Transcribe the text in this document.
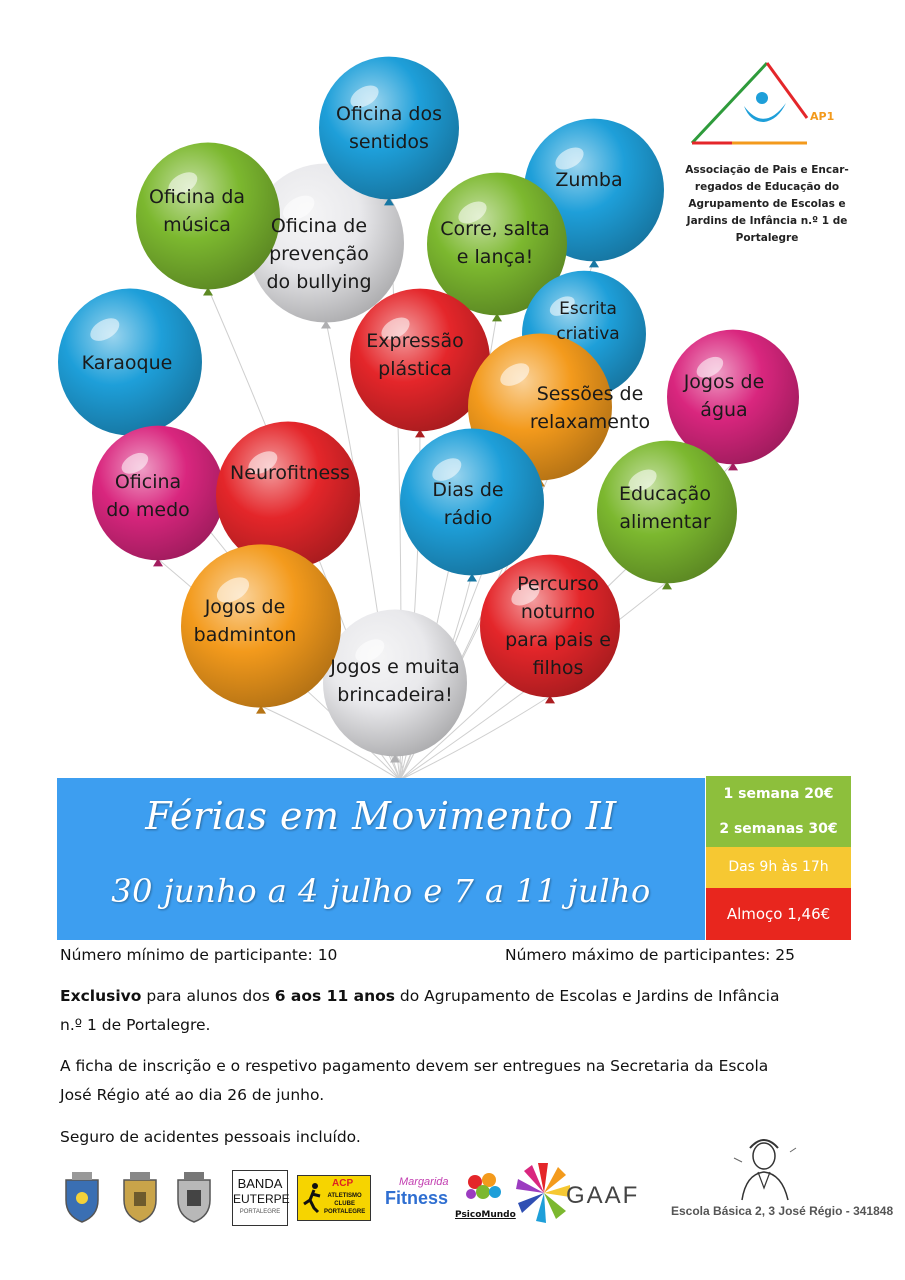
Oficina dos
sentidos
Zumba
Oficina da
música	Oficina de
prevenção
do bullying
Corre, salta
e lança!
Escrita
criativa
Karaoque
Expressão
plástica
Sessões de
relaxamento
Jogos de
água
Oficina
do medo
Neurofitness
Dias de
rádio
Educação
alimentar
Jogos de
badminton
Percurso
noturno
para pais e
filhos
Jogos e muita
brincadeira!
AP1
Associação de Pais e Encar-
regados de Educação do
Agrupamento de Escolas e
Jardins de Infância n.º 1 de
Portalegre
Férias em Movimento II
30 junho a 4 julho e 7 a 11 julho
1 semana 20€
2 semanas 30€
Das 9h às 17h
Almoço 1,46€
Número mínimo de participante: 10	Número máximo de participantes: 25
Exclusivo para alunos dos 6 aos 11 anos do Agrupamento de Escolas e Jardins de Infância
n.º 1 de Portalegre.
A ficha de inscrição e o respetivo pagamento devem ser entregues na Secretaria da Escola
José Régio até ao dia 26 de junho.
Seguro de acidentes pessoais incluído.
BANDA
EUTERPE
PORTALEGRE
ACP
ATLETISMO
CLUBE
PORTALEGRE
Margarida
Fitness
PsicoMundo
GAAF
Escola Básica 2, 3 José Régio - 341848
